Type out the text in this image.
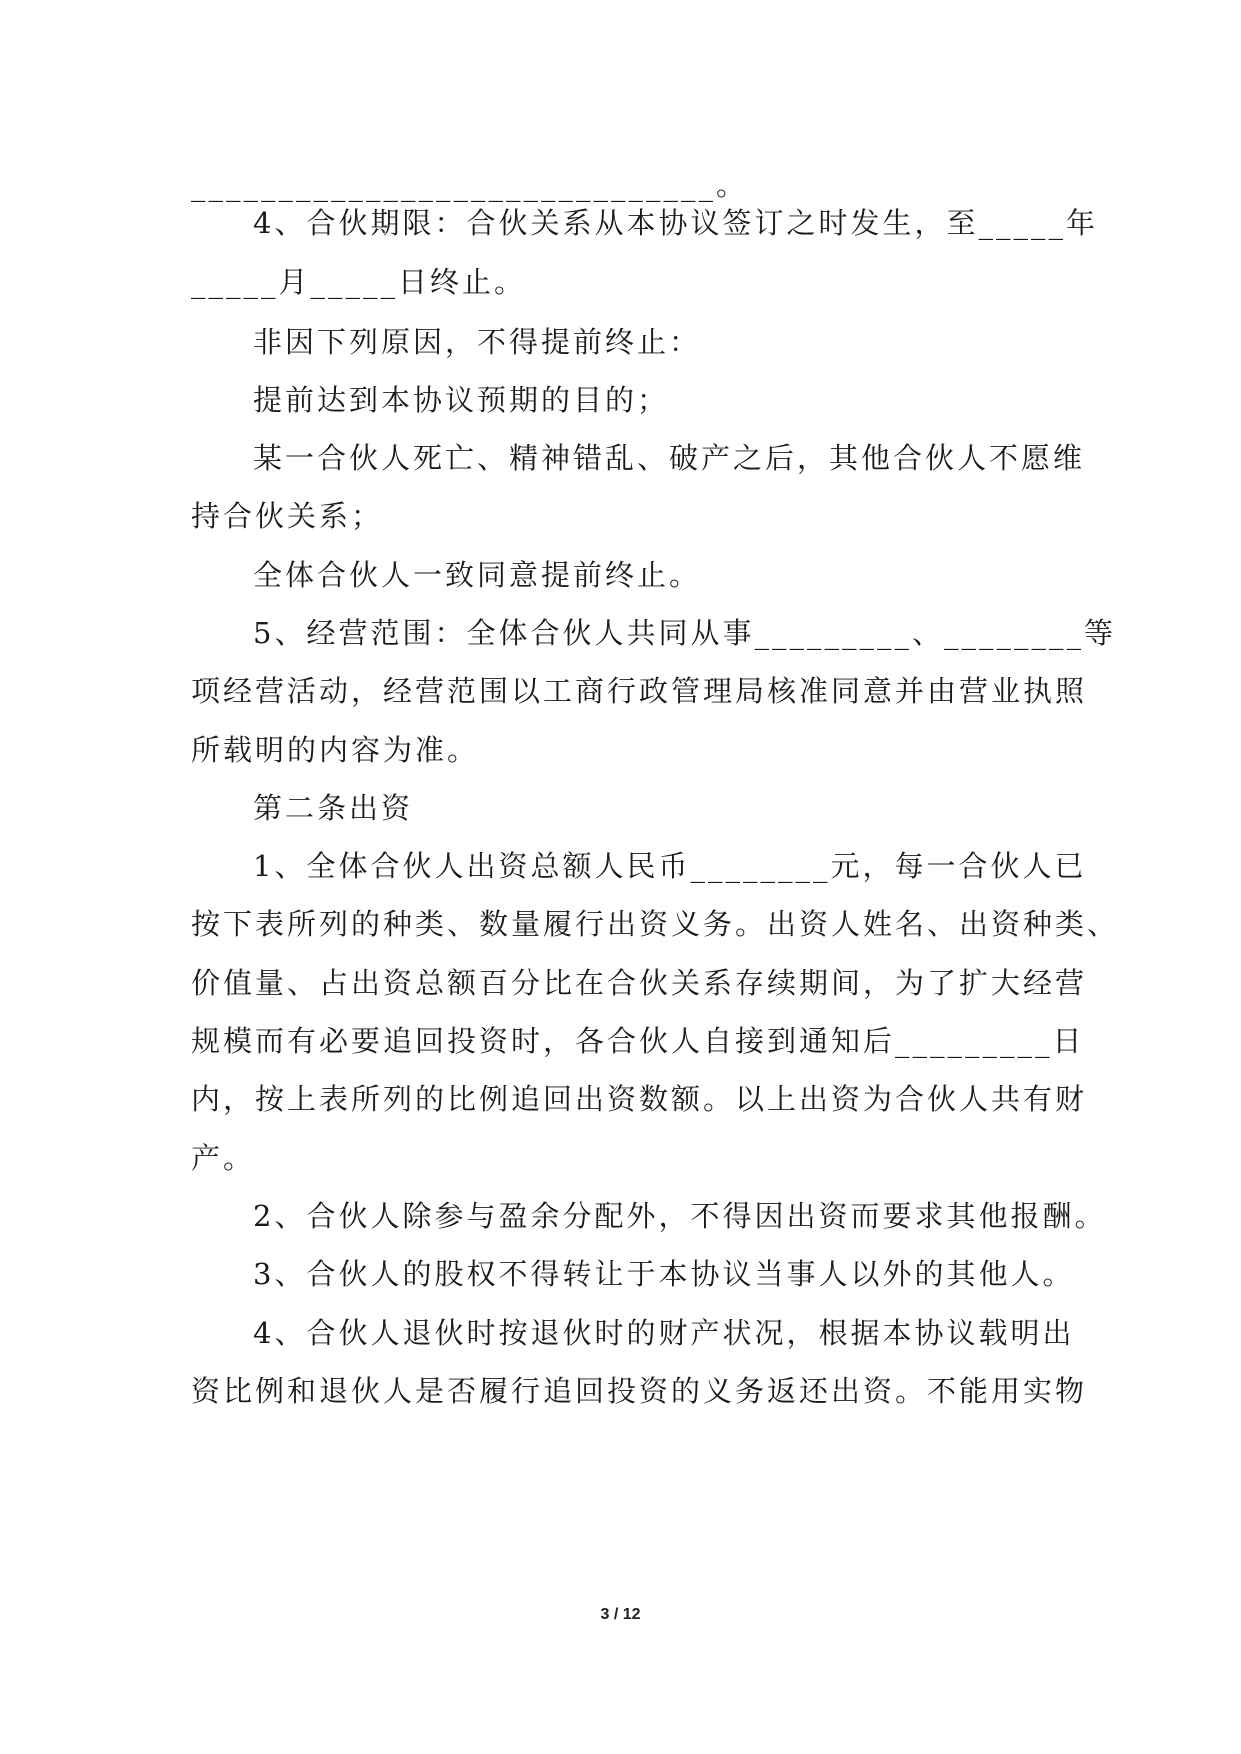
______________________________。
4、合伙期限：合伙关系从本协议签订之时发生，至_____年
_____月_____日终止。
非因下列原因，不得提前终止：
提前达到本协议预期的目的；
某一合伙人死亡、精神错乱、破产之后，其他合伙人不愿维
持合伙关系；
全体合伙人一致同意提前终止。
5、经营范围：全体合伙人共同从事_________、________等
项经营活动，经营范围以工商行政管理局核准同意并由营业执照
所载明的内容为准。
第二条出资
1、全体合伙人出资总额人民币________元，每一合伙人已
按下表所列的种类、数量履行出资义务。出资人姓名、出资种类、
价值量、占出资总额百分比在合伙关系存续期间，为了扩大经营
规模而有必要追回投资时，各合伙人自接到通知后_________日
内，按上表所列的比例追回出资数额。以上出资为合伙人共有财
产。
2、合伙人除参与盈余分配外，不得因出资而要求其他报酬。
3、合伙人的股权不得转让于本协议当事人以外的其他人。
4、合伙人退伙时按退伙时的财产状况，根据本协议载明出
资比例和退伙人是否履行追回投资的义务返还出资。不能用实物
3 / 12
